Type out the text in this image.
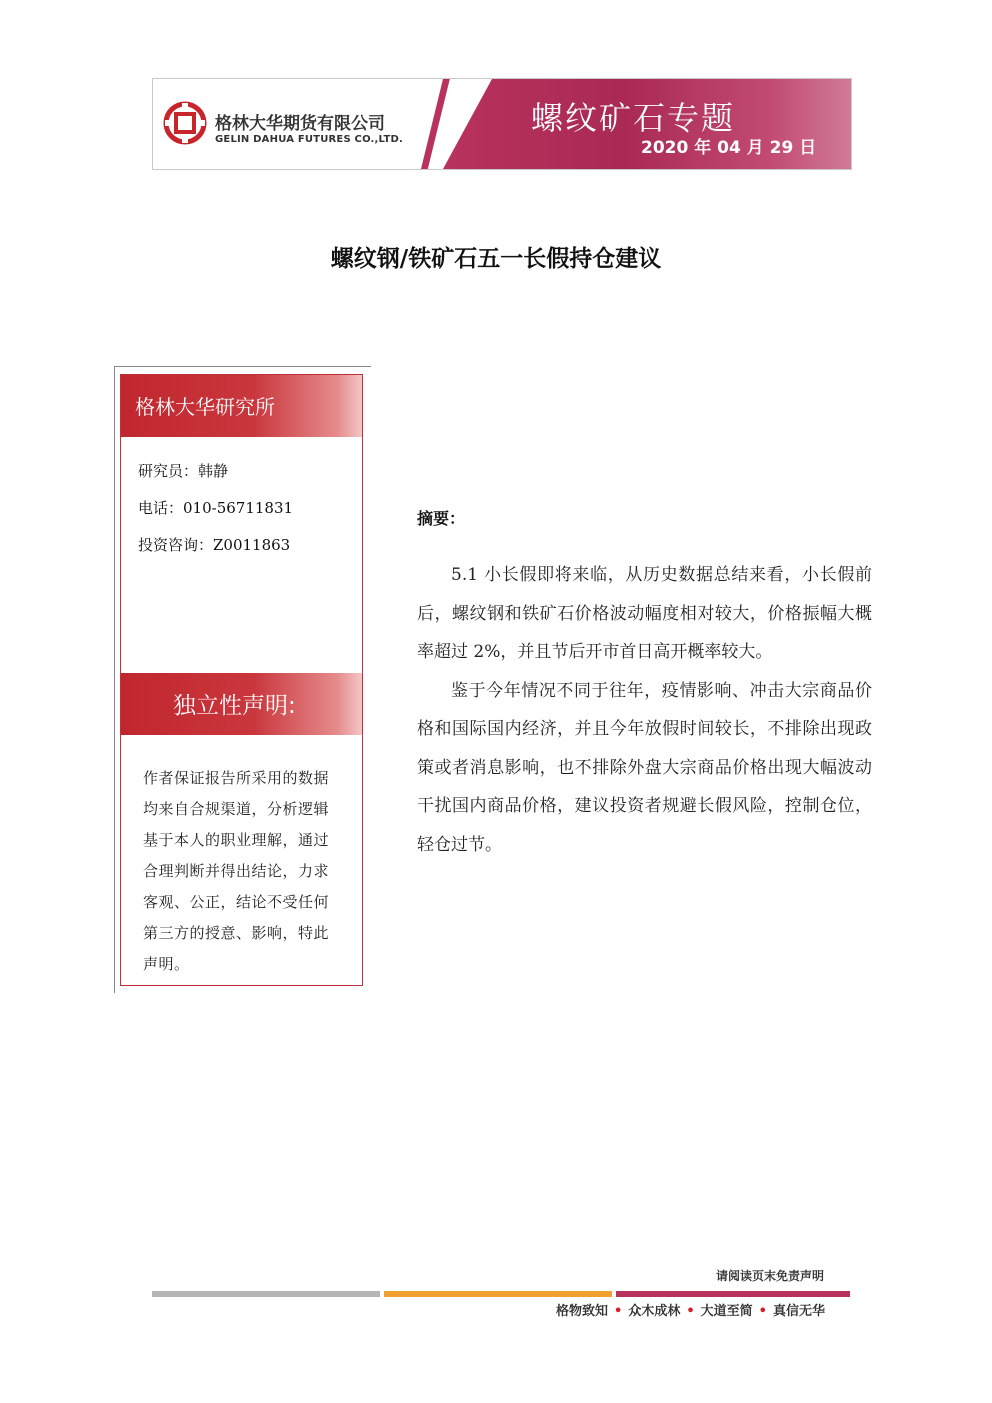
格林大华期货有限公司
GELIN DAHUA FUTURES CO.,LTD.
螺纹矿石专题
2020 年 04 月 29 日
螺纹钢/铁矿石五一长假持仓建议
格林大华研究所
研究员：韩静
电话：010-56711831
投资咨询：Z0011863
独立性声明:
作者保证报告所采用的数据均来自合规渠道，分析逻辑基于本人的职业理解，通过合理判断并得出结论，力求客观、公正，结论不受任何第三方的授意、影响，特此声明。
摘要：

5.1 小长假即将来临，从历史数据总结来看，小长假前后，螺纹钢和铁矿石价格波动幅度相对较大，价格振幅大概率超过 2%，并且节后开市首日高开概率较大。

鉴于今年情况不同于往年，疫情影响、冲击大宗商品价格和国际国内经济，并且今年放假时间较长，不排除出现政策或者消息影响，也不排除外盘大宗商品价格出现大幅波动干扰国内商品价格，建议投资者规避长假风险，控制仓位，轻仓过节。

请阅读页末免责声明
格物致知 • 众木成林 • 大道至简 • 真信无华
